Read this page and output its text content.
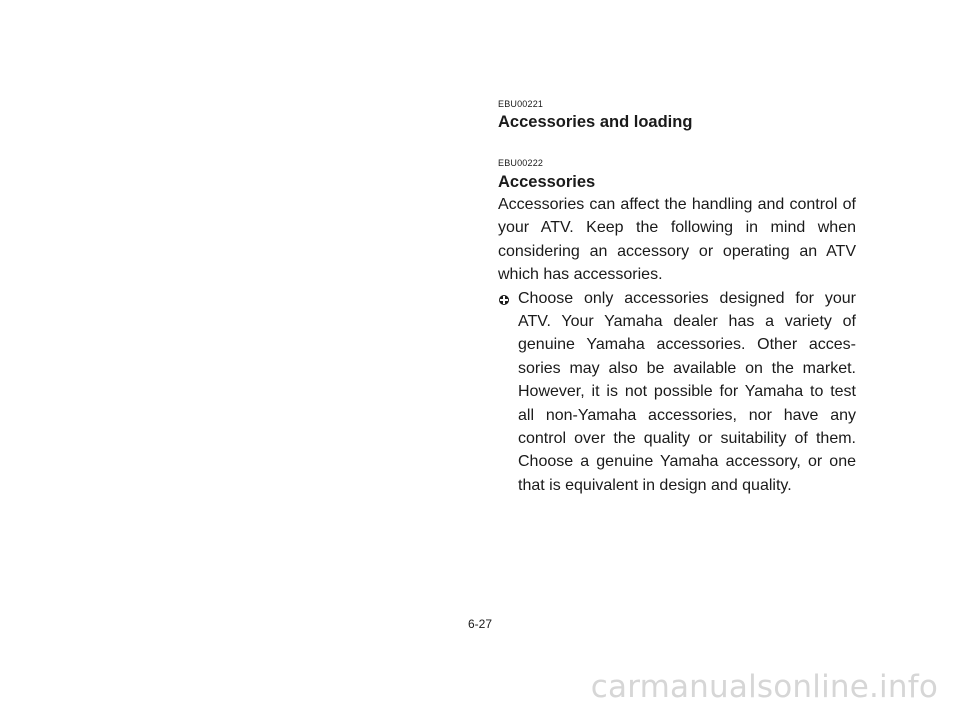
EBU00221

Accessories and loading

EBU00222

Accessories

Accessories can affect the handling and control of your ATV. Keep the following in mind when considering an accessory or operating an ATV which has accessories.

Choose only accessories designed for your ATV. Your Yamaha dealer has a variety of genuine Yamaha accessories. Other acces-sories may also be available on the market. However, it is not possible for Yamaha to test all non-Yamaha accessories, nor have any control over the quality or suitability of them. Choose a genuine Yamaha accessory, or one that is equivalent in design and quality.
6-27
carmanualsonline.info
